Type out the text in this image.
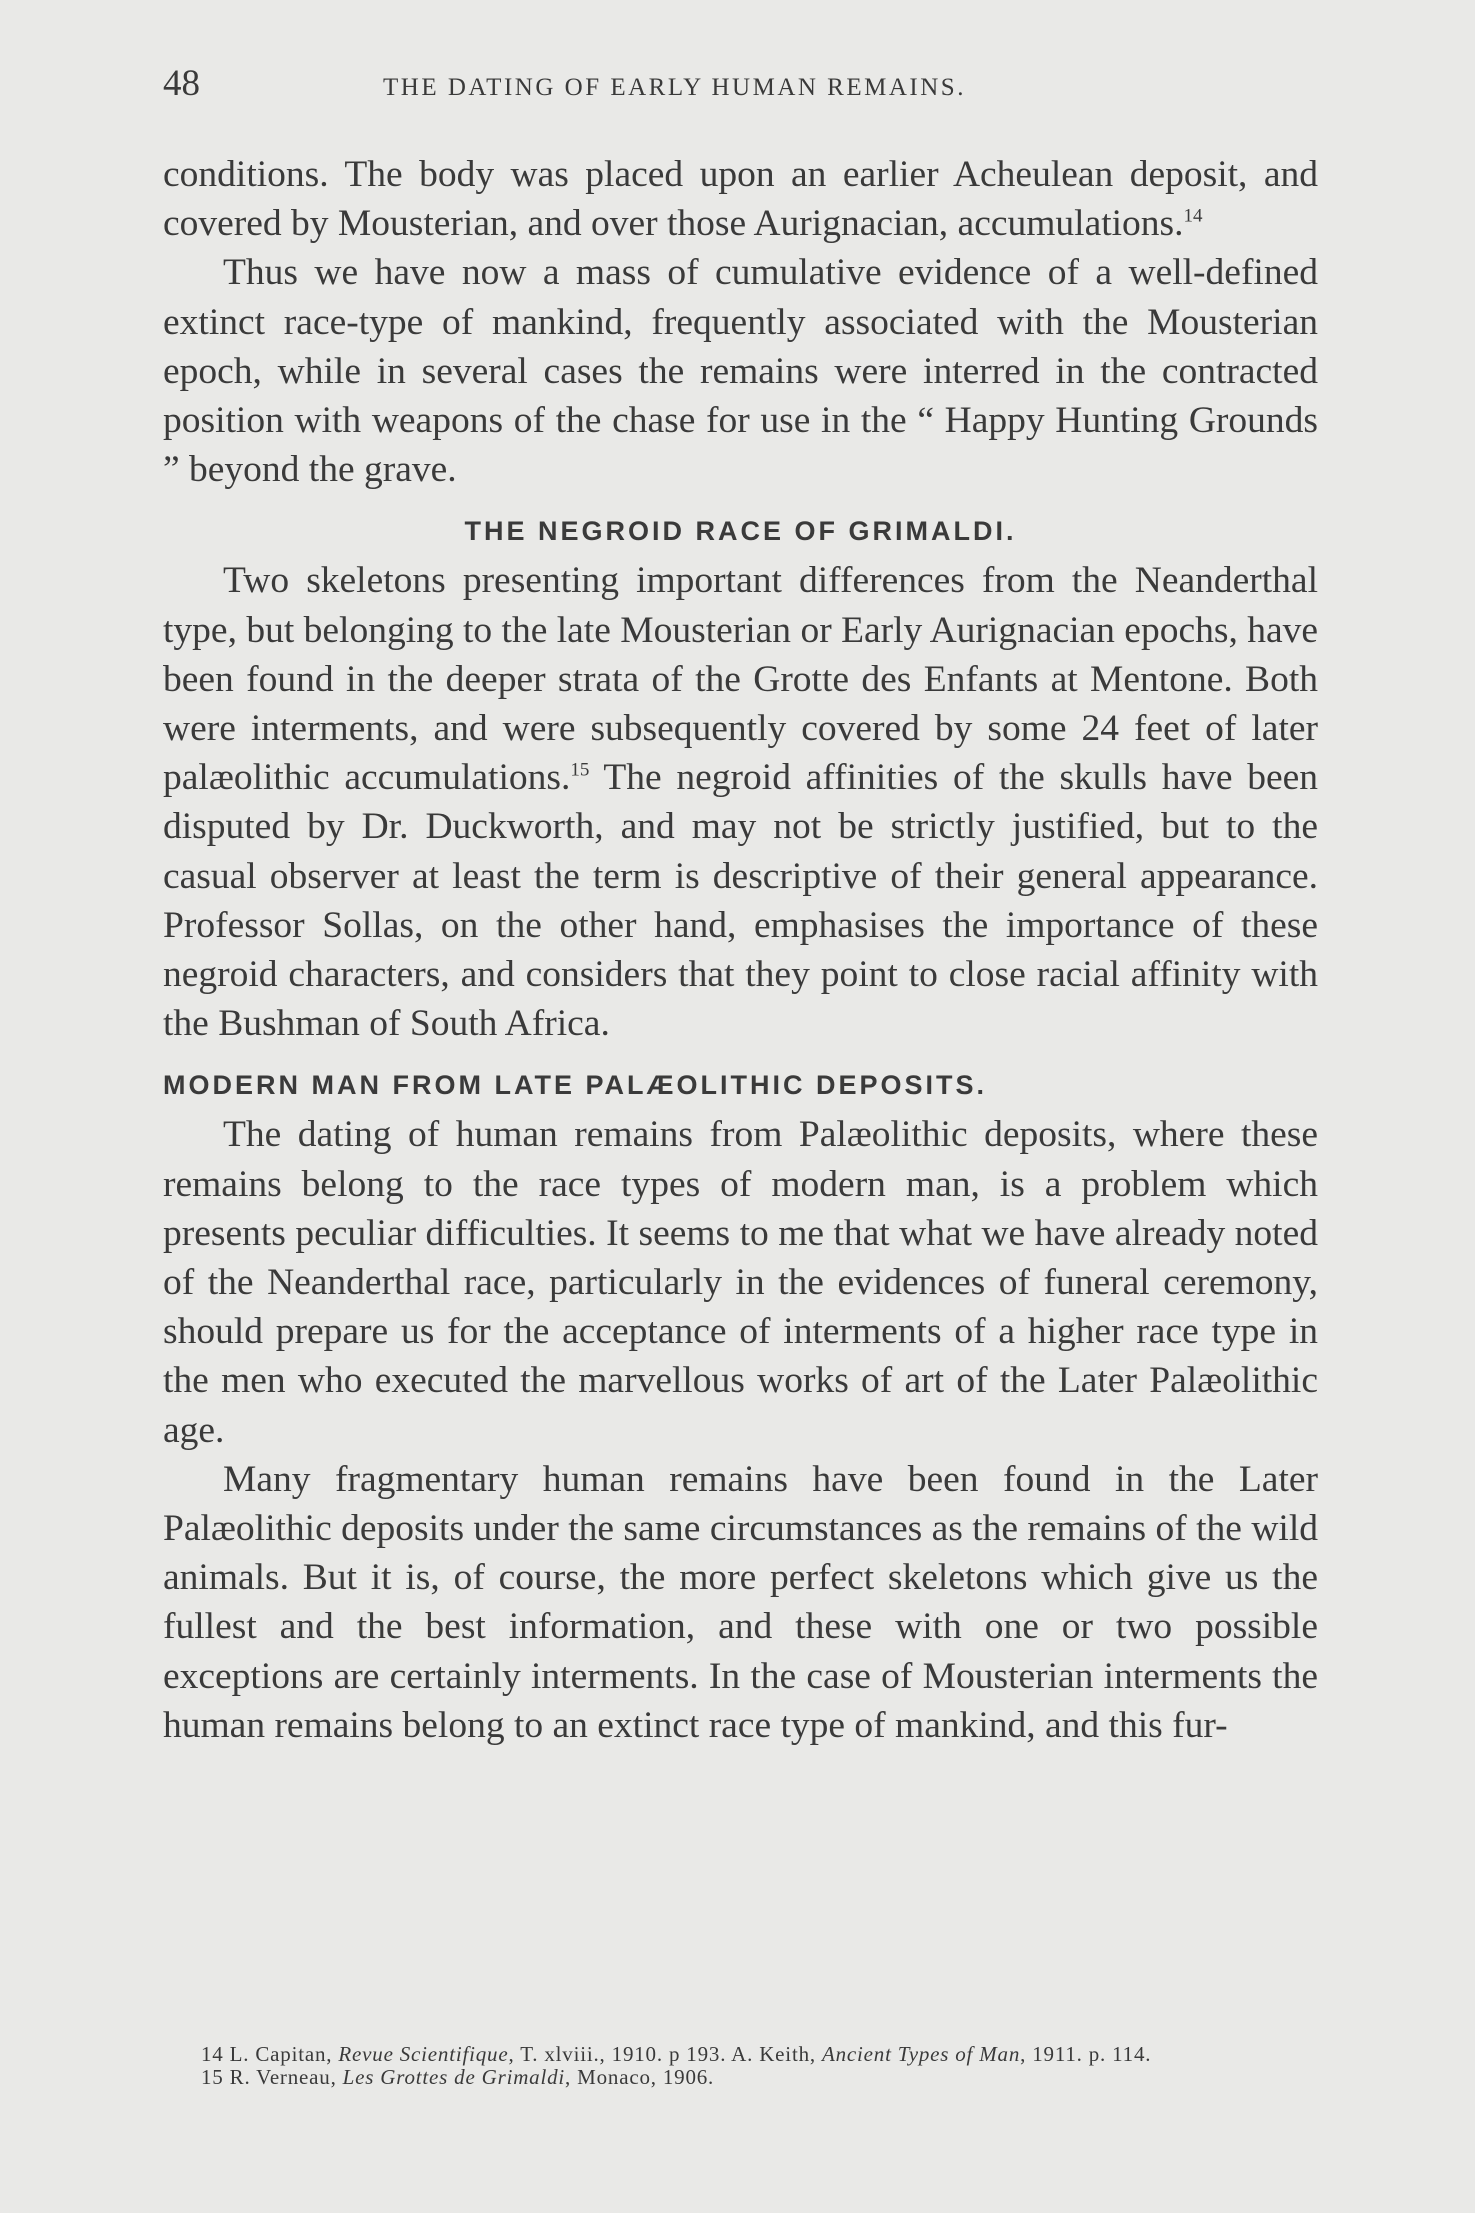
48	THE DATING OF EARLY HUMAN REMAINS.

conditions. The body was placed upon an earlier Acheulean deposit, and covered by Mousterian, and over those Aurignacian, accumulations.$^{14}$

Thus we have now a mass of cumulative evidence of a well-defined extinct race-type of mankind, frequently associated with the Mousterian epoch, while in several cases the remains were interred in the contracted position with weapons of the chase for use in the “ Happy Hunting Grounds ” beyond the grave.

THE NEGROID RACE OF GRIMALDI.

Two skeletons presenting important differences from the Neanderthal type, but belonging to the late Mousterian or Early Aurignacian epochs, have been found in the deeper strata of the Grotte des Enfants at Mentone. Both were interments, and were subsequently covered by some 24 feet of later palæolithic accumulations.$^{15}$ The negroid affinities of the skulls have been disputed by Dr. Duckworth, and may not be strictly justified, but to the casual observer at least the term is descriptive of their general appearance. Professor Sollas, on the other hand, emphasises the importance of these negroid characters, and considers that they point to close racial affinity with the Bushman of South Africa.

MODERN MAN FROM LATE PALÆOLITHIC DEPOSITS.

The dating of human remains from Palæolithic deposits, where these remains belong to the race types of modern man, is a problem which presents peculiar difficulties. It seems to me that what we have already noted of the Neanderthal race, particularly in the evidences of funeral ceremony, should prepare us for the acceptance of interments of a higher race type in the men who executed the marvellous works of art of the Later Palæolithic age.

Many fragmentary human remains have been found in the Later Palæolithic deposits under the same circumstances as the remains of the wild animals. But it is, of course, the more perfect skeletons which give us the fullest and the best information, and these with one or two possible exceptions are certainly interments. In the case of Mousterian interments the human remains belong to an extinct race type of mankind, and this fur-

14 L. Capitan, Revue Scientifique, T. xlviii., 1910. p 193. A. Keith, Ancient Types of Man, 1911. p. 114.

15 R. Verneau, Les Grottes de Grimaldi, Monaco, 1906.
